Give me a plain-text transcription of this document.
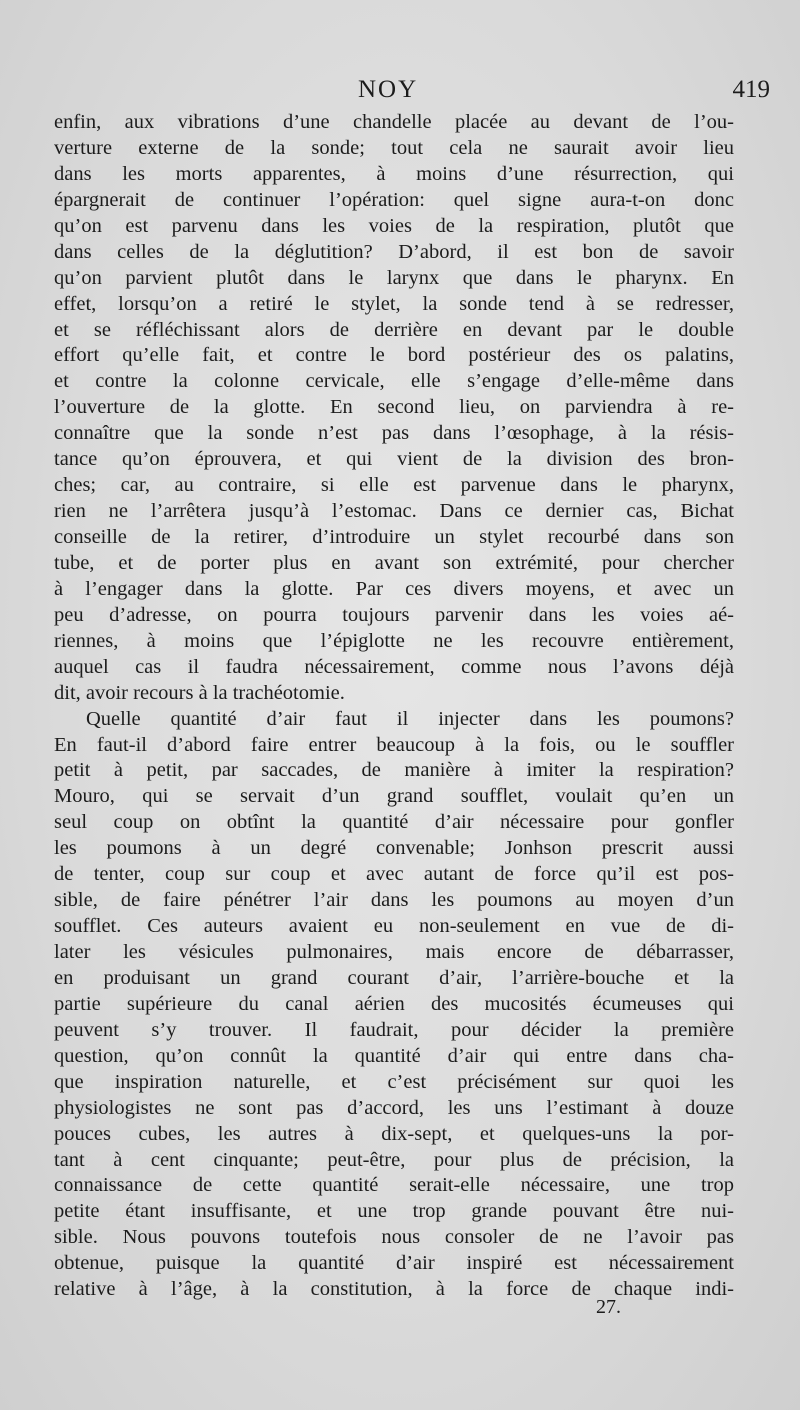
NOY	419
enfin, aux vibrations d’une chandelle placée au devant de l’ou-
verture externe de la sonde; tout cela ne saurait avoir lieu
dans les morts apparentes, à moins d’une résurrection, qui
épargnerait de continuer l’opération: quel signe aura-t-on donc
qu’on est parvenu dans les voies de la respiration, plutôt que
dans celles de la déglutition? D’abord, il est bon de savoir
qu’on parvient plutôt dans le larynx que dans le pharynx. En
effet, lorsqu’on a retiré le stylet, la sonde tend à se redresser,
et se réfléchissant alors de derrière en devant par le double
effort qu’elle fait, et contre le bord postérieur des os palatins,
et contre la colonne cervicale, elle s’engage d’elle-même dans
l’ouverture de la glotte. En second lieu, on parviendra à re-
connaître que la sonde n’est pas dans l’œsophage, à la résis-
tance qu’on éprouvera, et qui vient de la division des bron-
ches; car, au contraire, si elle est parvenue dans le pharynx,
rien ne l’arrêtera jusqu’à l’estomac. Dans ce dernier cas, Bichat
conseille de la retirer, d’introduire un stylet recourbé dans son
tube, et de porter plus en avant son extrémité, pour chercher
à l’engager dans la glotte. Par ces divers moyens, et avec un
peu d’adresse, on pourra toujours parvenir dans les voies aé-
riennes, à moins que l’épiglotte ne les recouvre entièrement,
auquel cas il faudra nécessairement, comme nous l’avons déjà
dit, avoir recours à la trachéotomie.
Quelle quantité d’air faut il injecter dans les poumons?
En faut-il d’abord faire entrer beaucoup à la fois, ou le souffler
petit à petit, par saccades, de manière à imiter la respiration?
Mouro, qui se servait d’un grand soufflet, voulait qu’en un
seul coup on obtînt la quantité d’air nécessaire pour gonfler
les poumons à un degré convenable; Jonhson prescrit aussi
de tenter, coup sur coup et avec autant de force qu’il est pos-
sible, de faire pénétrer l’air dans les poumons au moyen d’un
soufflet. Ces auteurs avaient eu non-seulement en vue de di-
later les vésicules pulmonaires, mais encore de débarrasser,
en produisant un grand courant d’air, l’arrière-bouche et la
partie supérieure du canal aérien des mucosités écumeuses qui
peuvent s’y trouver. Il faudrait, pour décider la première
question, qu’on connût la quantité d’air qui entre dans cha-
que inspiration naturelle, et c’est précisément sur quoi les
physiologistes ne sont pas d’accord, les uns l’estimant à douze
pouces cubes, les autres à dix-sept, et quelques-uns la por-
tant à cent cinquante; peut-être, pour plus de précision, la
connaissance de cette quantité serait-elle nécessaire, une trop
petite étant insuffisante, et une trop grande pouvant être nui-
sible. Nous pouvons toutefois nous consoler de ne l’avoir pas
obtenue, puisque la quantité d’air inspiré est nécessairement
relative à l’âge, à la constitution, à la force de chaque indi-
27.
